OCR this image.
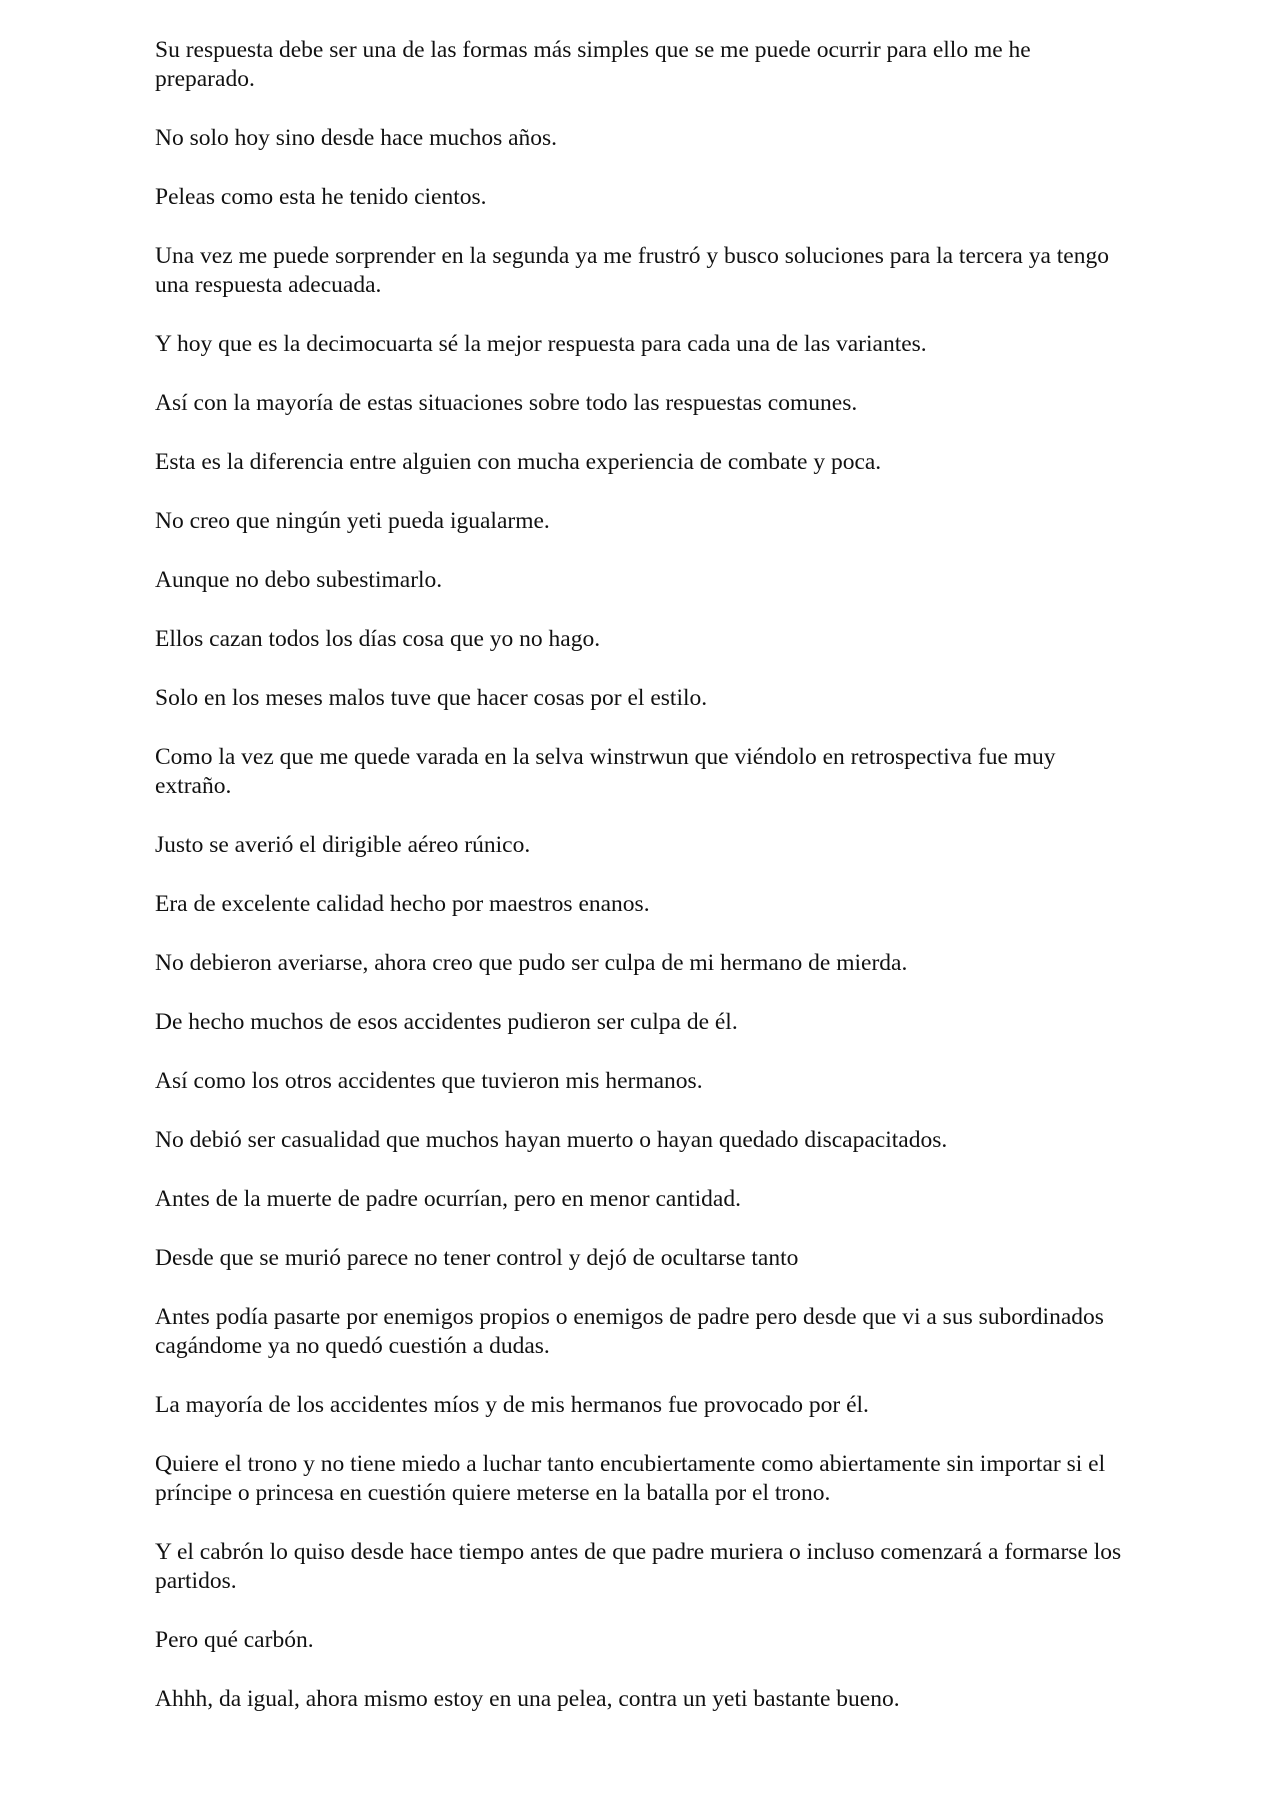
Su respuesta debe ser una de las formas más simples que se me puede ocurrir para ello me he preparado.

No solo hoy sino desde hace muchos años.

Peleas como esta he tenido cientos.

Una vez me puede sorprender en la segunda ya me frustró y busco soluciones para la tercera ya tengo una respuesta adecuada.

Y hoy que es la decimocuarta sé la mejor respuesta para cada una de las variantes.

Así con la mayoría de estas situaciones sobre todo las respuestas comunes.

Esta es la diferencia entre alguien con mucha experiencia de combate y poca.

No creo que ningún yeti pueda igualarme.

Aunque no debo subestimarlo.

Ellos cazan todos los días cosa que yo no hago.

Solo en los meses malos tuve que hacer cosas por el estilo.

Como la vez que me quede varada en la selva winstrwun que viéndolo en retrospectiva fue muy extraño.

Justo se averió el dirigible aéreo rúnico.

Era de excelente calidad hecho por maestros enanos.

No debieron averiarse, ahora creo que pudo ser culpa de mi hermano de mierda.

De hecho muchos de esos accidentes pudieron ser culpa de él.

Así como los otros accidentes que tuvieron mis hermanos.

No debió ser casualidad que muchos hayan muerto o hayan quedado discapacitados.

Antes de la muerte de padre ocurrían, pero en menor cantidad.

Desde que se murió parece no tener control y dejó de ocultarse tanto

Antes podía pasarte por enemigos propios o enemigos de padre pero desde que vi a sus subordinados cagándome ya no quedó cuestión a dudas.

La mayoría de los accidentes míos y de mis hermanos fue provocado por él.

Quiere el trono y no tiene miedo a luchar tanto encubiertamente como abiertamente sin importar si el príncipe o princesa en cuestión quiere meterse en la batalla por el trono.

Y el cabrón lo quiso desde hace tiempo antes de que padre muriera o incluso comenzará a formarse los partidos.

Pero qué carbón.

Ahhh, da igual, ahora mismo estoy en una pelea, contra un yeti bastante bueno.
